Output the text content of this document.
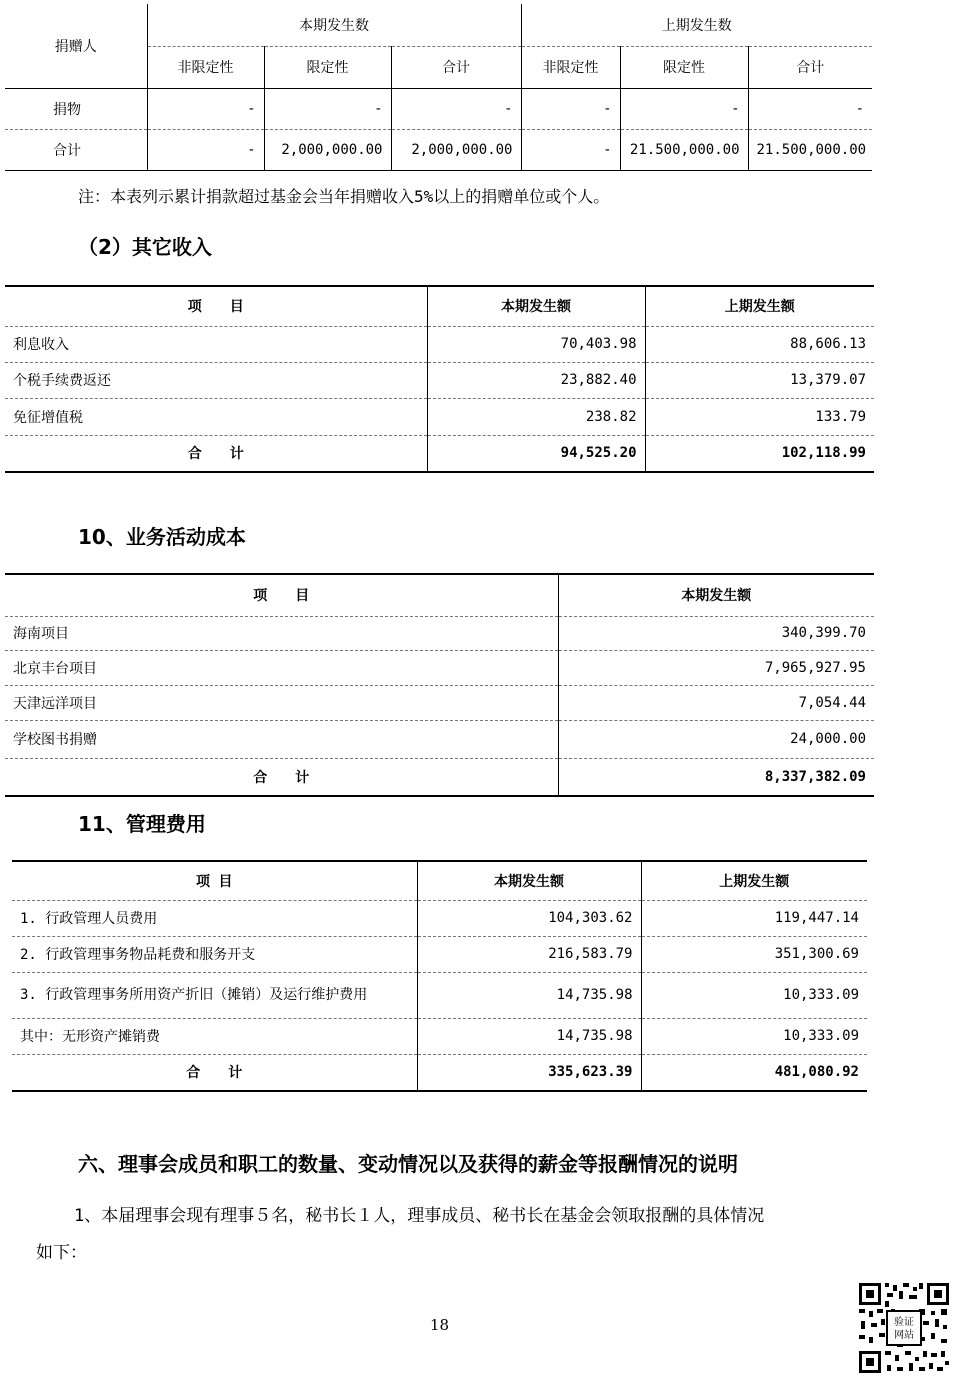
捐赠人	本期发生数			上期发生数		
	非限定性	限定性	合计	非限定性	限定性	合计
捐物	-	-	-	-	-	-
合计	-	2,000,000.00	2,000,000.00	-	21.500,000.00	21.500,000.00
注：本表列示累计捐款超过基金会当年捐赠收入5%以上的捐赠单位或个人。
（2）其它收入
项　　目	本期发生额	上期发生额
利息收入	70,403.98	88,606.13
个税手续费返还	23,882.40	13,379.07
免征增值税	238.82	133.79
合　　计	94,525.20	102,118.99
10、业务活动成本
项　　目	本期发生额
海南项目	340,399.70
北京丰台项目	7,965,927.95
天津远洋项目	7,054.44
学校图书捐赠	24,000.00
合　　计	8,337,382.09
11、管理费用
项 目	本期发生额	上期发生额
1. 行政管理人员费用	104,303.62	119,447.14
2. 行政管理事务物品耗费和服务开支	216,583.79	351,300.69
3. 行政管理事务所用资产折旧（摊销）及运行维护费用	14,735.98	10,333.09
其中：无形资产摊销费	14,735.98	10,333.09
合　　计	335,623.39	481,080.92
六、理事会成员和职工的数量、变动情况以及获得的薪金等报酬情况的说明
1、本届理事会现有理事５名，秘书长１人，理事成员、秘书长在基金会领取报酬的具体情况
如下：
18	验证
网站
